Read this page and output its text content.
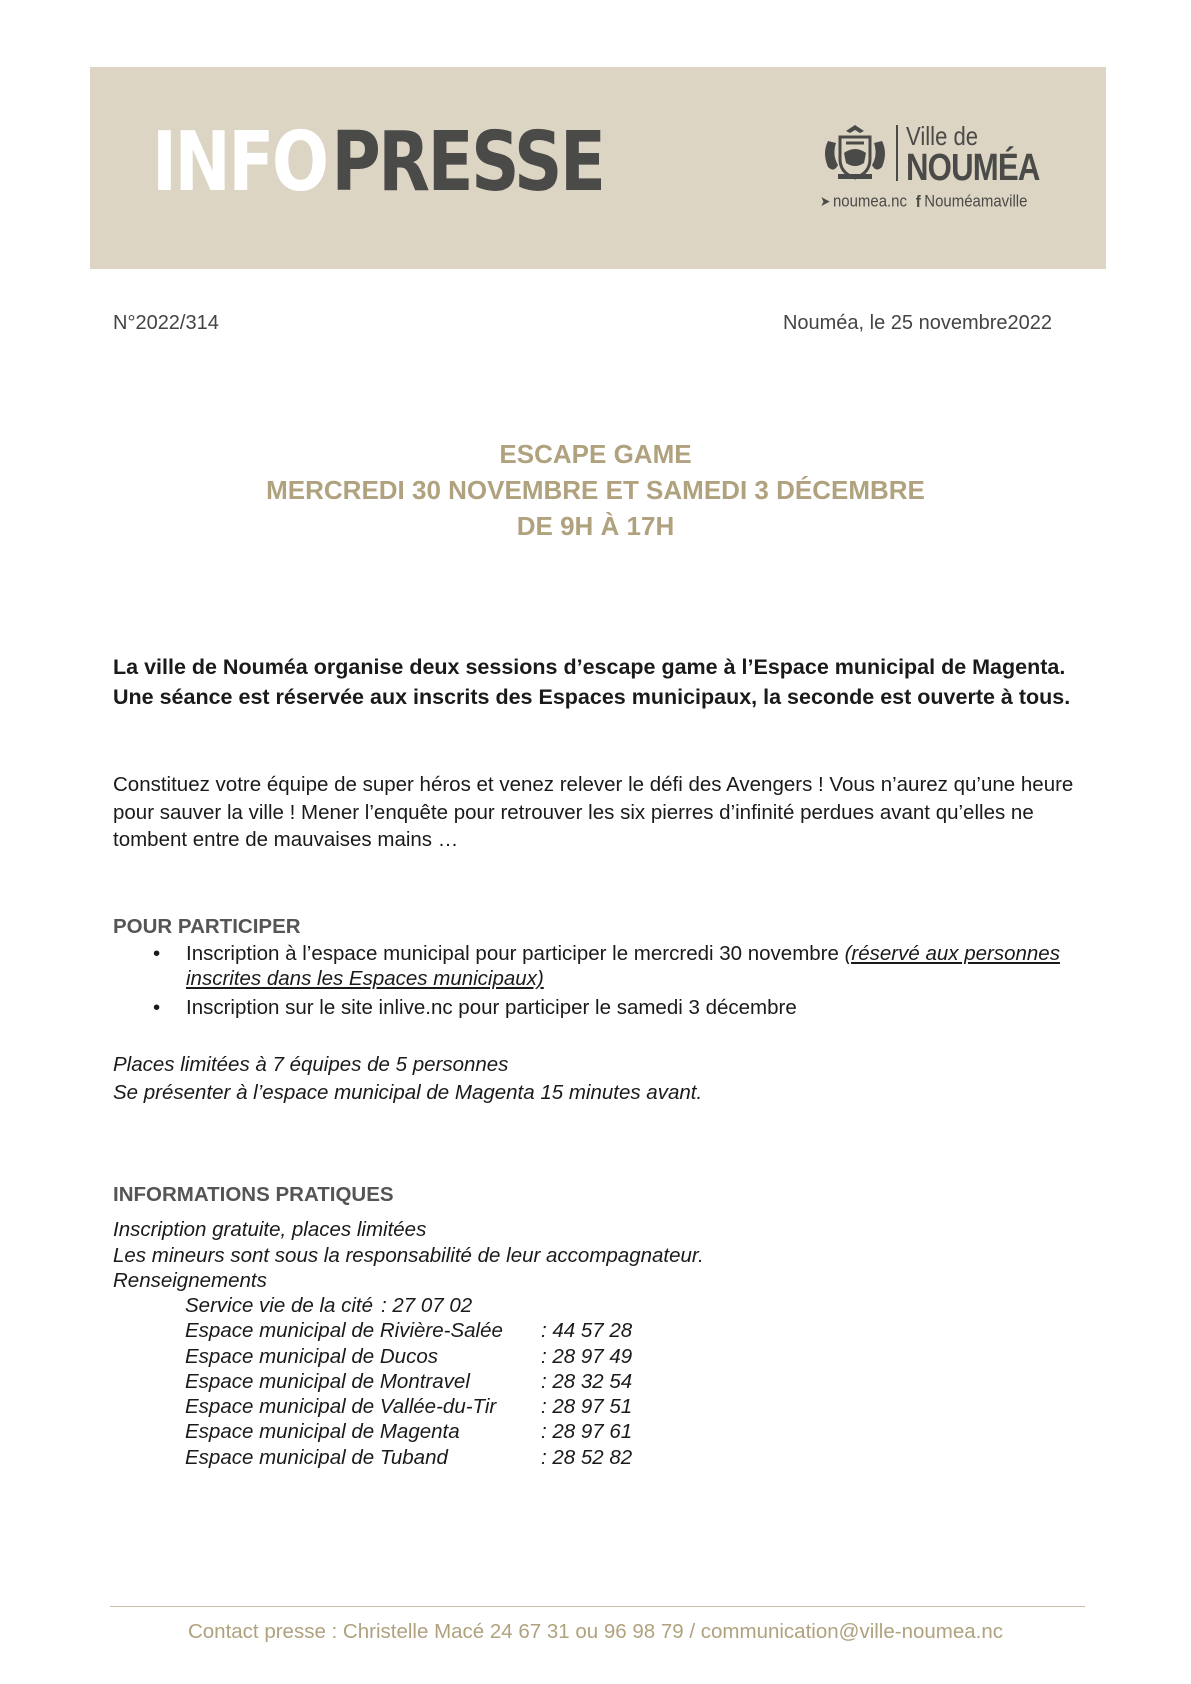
INFOPRESSE	Ville de
NOUMÉA
➤ noumea.nc f Nouméamaville
N°2022/314	Nouméa, le 25 novembre2022
ESCAPE GAME
MERCREDI 30 NOVEMBRE ET SAMEDI 3 DÉCEMBRE
DE 9H À 17H

La ville de Nouméa organise deux sessions d’escape game à l’Espace municipal de Magenta. Une séance est réservée aux inscrits des Espaces municipaux, la seconde est ouverte à tous.

Constituez votre équipe de super héros et venez relever le défi des Avengers ! Vous n’aurez qu’une heure pour sauver la ville ! Mener l’enquête pour retrouver les six pierres d’infinité perdues avant qu’elles ne tombent entre de mauvaises mains …

POUR PARTICIPER

• Inscription à l’espace municipal pour participer le mercredi 30 novembre (réservé aux personnes inscrites dans les Espaces municipaux)
• Inscription sur le site inlive.nc pour participer le samedi 3 décembre
Places limitées à 7 équipes de 5 personnes
Se présenter à l’espace municipal de Magenta 15 minutes avant.

INFORMATIONS PRATIQUES

Inscription gratuite, places limitées
Les mineurs sont sous la responsabilité de leur accompagnateur.
Renseignements
Service vie de la cité : 27 07 02
Espace municipal de Rivière-Salée	: 44 57 28
Espace municipal de Ducos	: 28 97 49
Espace municipal de Montravel	: 28 32 54
Espace municipal de Vallée-du-Tir	: 28 97 51
Espace municipal de Magenta	: 28 97 61
Espace municipal de Tuband	: 28 52 82
Contact presse : Christelle Macé 24 67 31 ou 96 98 79 / communication@ville-noumea.nc
